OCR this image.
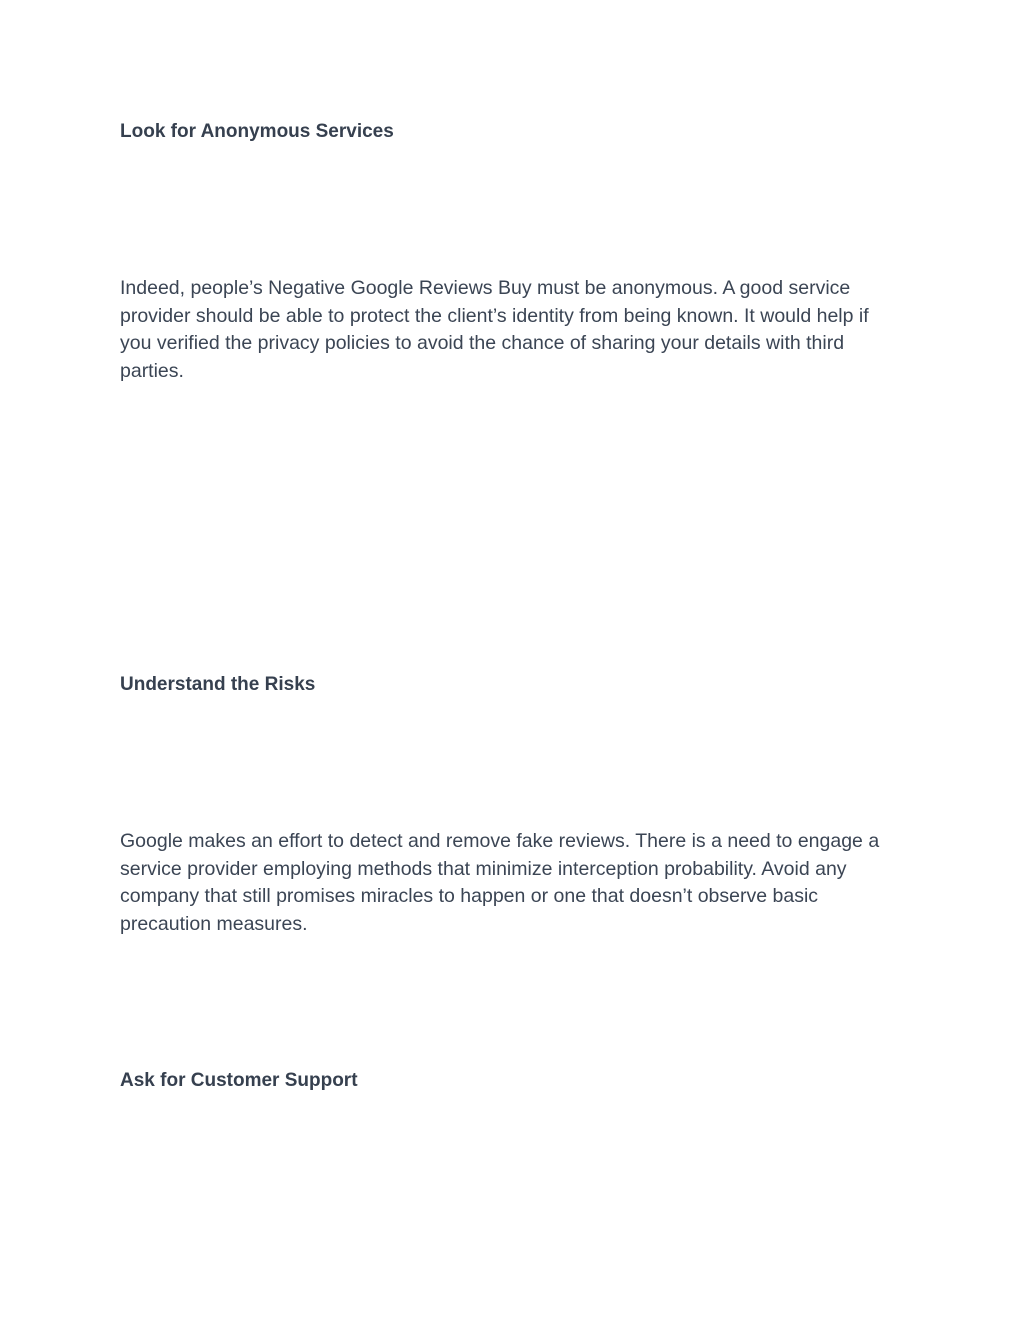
Look for Anonymous Services

Indeed, people’s Negative Google Reviews Buy must be anonymous. A good service
provider should be able to protect the client’s identity from being known. It would help if
you verified the privacy policies to avoid the chance of sharing your details with third
parties.

Understand the Risks

Google makes an effort to detect and remove fake reviews. There is a need to engage a
service provider employing methods that minimize interception probability. Avoid any
company that still promises miracles to happen or one that doesn’t observe basic
precaution measures.

Ask for Customer Support
